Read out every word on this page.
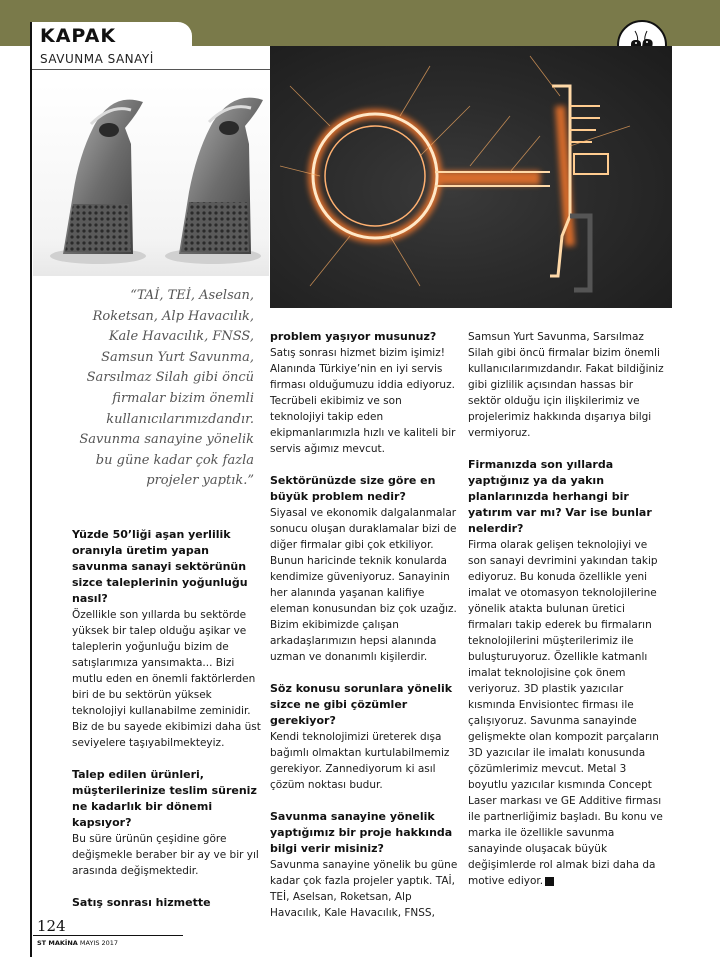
KAPAK
SAVUNMA SANAYİ
“TAİ, TEİ, Aselsan, Roketsan, Alp Havacılık, Kale Havacılık, FNSS, Samsun Yurt Savunma, Sarsılmaz Silah gibi öncü firmalar bizim önemli kullanıcılarımızdandır. Savunma sanayine yönelik bu güne kadar çok fazla projeler yaptık.”
Yüzde 50’liği aşan yerlilik oranıyla üretim yapan savunma sanayi sektörünün sizce taleplerinin yoğunluğu nasıl?

Özellikle son yıllarda bu sektörde yüksek bir talep olduğu aşikar ve taleplerin yoğunluğu bizim de satışlarımıza yansımakta... Bizi mutlu eden en önemli faktörlerden biri de bu sektörün yüksek teknolojiyi kullanabilme zeminidir. Biz de bu sayede ekibimizi daha üst seviyelere taşıyabilmekteyiz.

Talep edilen ürünleri, müşterilerinize teslim süreniz ne kadarlık bir dönemi kapsıyor?

Bu süre ürünün çeşidine göre değişmekle beraber bir ay ve bir yıl arasında değişmektedir.

Satış sonrası hizmette
problem yaşıyor musunuz?

Satış sonrası hizmet bizim işimiz! Alanında Türkiye’nin en iyi servis firması olduğumuzu iddia ediyoruz. Tecrübeli ekibimiz ve son teknolojiyi takip eden ekipmanlarımızla hızlı ve kaliteli bir servis ağımız mevcut.

Sektörünüzde size göre en büyük problem nedir?

Siyasal ve ekonomik dalgalanmalar sonucu oluşan duraklamalar bizi de diğer firmalar gibi çok etkiliyor. Bunun haricinde teknik konularda kendimize güveniyoruz. Sanayinin her alanında yaşanan kalifiye eleman konusundan biz çok uzağız. Bizim ekibimizde çalışan arkadaşlarımızın hepsi alanında uzman ve donanımlı kişilerdir.

Söz konusu sorunlara yönelik sizce ne gibi çözümler gerekiyor?

Kendi teknolojimizi üreterek dışa bağımlı olmaktan kurtulabilmemiz gerekiyor. Zannediyorum ki asıl çözüm noktası budur.

Savunma sanayine yönelik yaptığımız bir proje hakkında bilgi verir misiniz?

Savunma sanayine yönelik bu güne kadar çok fazla projeler yaptık. TAİ, TEİ, Aselsan, Roketsan, Alp Havacılık, Kale Havacılık, FNSS,

Samsun Yurt Savunma, Sarsılmaz Silah gibi öncü firmalar bizim önemli kullanıcılarımızdandır. Fakat bildiğiniz gibi gizlilik açısından hassas bir sektör olduğu için ilişkilerimiz ve projelerimiz hakkında dışarıya bilgi vermiyoruz.

Firmanızda son yıllarda yaptığınız ya da yakın planlarınızda herhangi bir yatırım var mı? Var ise bunlar nelerdir?

Firma olarak gelişen teknolojiyi ve son sanayi devrimini yakından takip ediyoruz. Bu konuda özellikle yeni imalat ve otomasyon teknolojilerine yönelik atakta bulunan üretici firmaları takip ederek bu firmaların teknolojilerini müşterilerimiz ile buluşturuyoruz. Özellikle katmanlı imalat teknolojisine çok önem veriyoruz. 3D plastik yazıcılar kısmında Envisiontec firması ile çalışıyoruz. Savunma sanayinde gelişmekte olan kompozit parçaların 3D yazıcılar ile imalatı konusunda çözümlerimiz mevcut. Metal 3 boyutlu yazıcılar kısmında Concept Laser markası ve GE Additive firması ile partnerliğimiz başladı. Bu konu ve marka ile özellikle savunma sanayinde oluşacak büyük değişimlerde rol almak bizi daha da motive ediyor.

124
ST MAKİNA MAYIS 2017
